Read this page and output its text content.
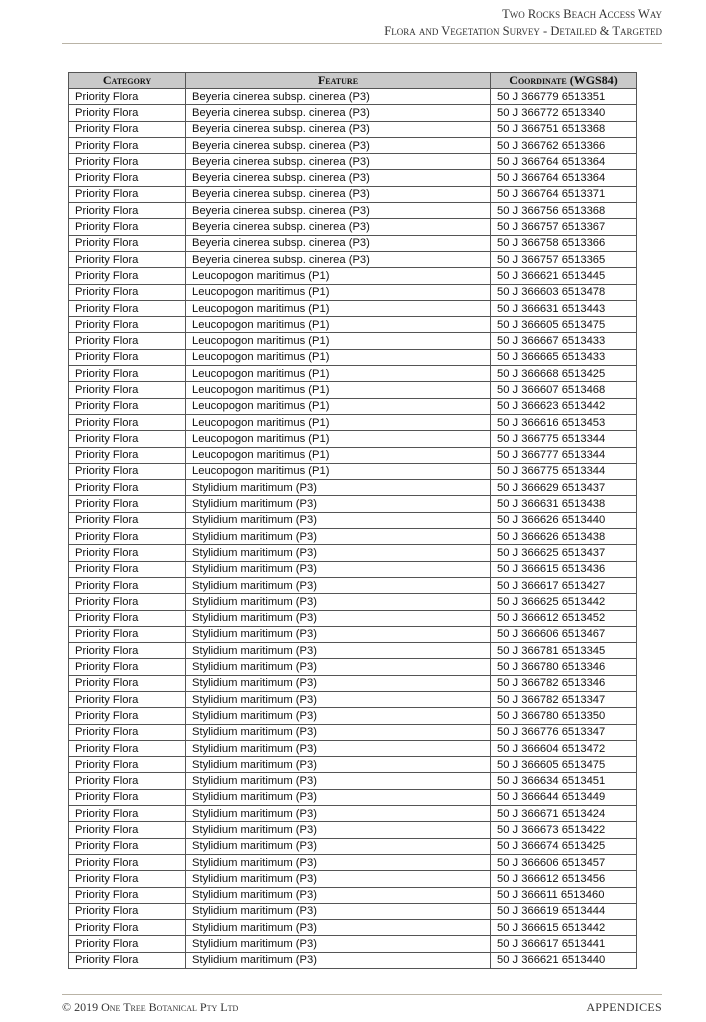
Two Rocks Beach Access Way
Flora and Vegetation Survey - Detailed & Targeted
Category	Feature	Coordinate (WGS84)
Priority Flora	Beyeria cinerea subsp. cinerea (P3)	50 J 366779 6513351
Priority Flora	Beyeria cinerea subsp. cinerea (P3)	50 J 366772 6513340
Priority Flora	Beyeria cinerea subsp. cinerea (P3)	50 J 366751 6513368
Priority Flora	Beyeria cinerea subsp. cinerea (P3)	50 J 366762 6513366
Priority Flora	Beyeria cinerea subsp. cinerea (P3)	50 J 366764 6513364
Priority Flora	Beyeria cinerea subsp. cinerea (P3)	50 J 366764 6513364
Priority Flora	Beyeria cinerea subsp. cinerea (P3)	50 J 366764 6513371
Priority Flora	Beyeria cinerea subsp. cinerea (P3)	50 J 366756 6513368
Priority Flora	Beyeria cinerea subsp. cinerea (P3)	50 J 366757 6513367
Priority Flora	Beyeria cinerea subsp. cinerea (P3)	50 J 366758 6513366
Priority Flora	Beyeria cinerea subsp. cinerea (P3)	50 J 366757 6513365
Priority Flora	Leucopogon maritimus (P1)	50 J 366621 6513445
Priority Flora	Leucopogon maritimus (P1)	50 J 366603 6513478
Priority Flora	Leucopogon maritimus (P1)	50 J 366631 6513443
Priority Flora	Leucopogon maritimus (P1)	50 J 366605 6513475
Priority Flora	Leucopogon maritimus (P1)	50 J 366667 6513433
Priority Flora	Leucopogon maritimus (P1)	50 J 366665 6513433
Priority Flora	Leucopogon maritimus (P1)	50 J 366668 6513425
Priority Flora	Leucopogon maritimus (P1)	50 J 366607 6513468
Priority Flora	Leucopogon maritimus (P1)	50 J 366623 6513442
Priority Flora	Leucopogon maritimus (P1)	50 J 366616 6513453
Priority Flora	Leucopogon maritimus (P1)	50 J 366775 6513344
Priority Flora	Leucopogon maritimus (P1)	50 J 366777 6513344
Priority Flora	Leucopogon maritimus (P1)	50 J 366775 6513344
Priority Flora	Stylidium maritimum (P3)	50 J 366629 6513437
Priority Flora	Stylidium maritimum (P3)	50 J 366631 6513438
Priority Flora	Stylidium maritimum (P3)	50 J 366626 6513440
Priority Flora	Stylidium maritimum (P3)	50 J 366626 6513438
Priority Flora	Stylidium maritimum (P3)	50 J 366625 6513437
Priority Flora	Stylidium maritimum (P3)	50 J 366615 6513436
Priority Flora	Stylidium maritimum (P3)	50 J 366617 6513427
Priority Flora	Stylidium maritimum (P3)	50 J 366625 6513442
Priority Flora	Stylidium maritimum (P3)	50 J 366612 6513452
Priority Flora	Stylidium maritimum (P3)	50 J 366606 6513467
Priority Flora	Stylidium maritimum (P3)	50 J 366781 6513345
Priority Flora	Stylidium maritimum (P3)	50 J 366780 6513346
Priority Flora	Stylidium maritimum (P3)	50 J 366782 6513346
Priority Flora	Stylidium maritimum (P3)	50 J 366782 6513347
Priority Flora	Stylidium maritimum (P3)	50 J 366780 6513350
Priority Flora	Stylidium maritimum (P3)	50 J 366776 6513347
Priority Flora	Stylidium maritimum (P3)	50 J 366604 6513472
Priority Flora	Stylidium maritimum (P3)	50 J 366605 6513475
Priority Flora	Stylidium maritimum (P3)	50 J 366634 6513451
Priority Flora	Stylidium maritimum (P3)	50 J 366644 6513449
Priority Flora	Stylidium maritimum (P3)	50 J 366671 6513424
Priority Flora	Stylidium maritimum (P3)	50 J 366673 6513422
Priority Flora	Stylidium maritimum (P3)	50 J 366674 6513425
Priority Flora	Stylidium maritimum (P3)	50 J 366606 6513457
Priority Flora	Stylidium maritimum (P3)	50 J 366612 6513456
Priority Flora	Stylidium maritimum (P3)	50 J 366611 6513460
Priority Flora	Stylidium maritimum (P3)	50 J 366619 6513444
Priority Flora	Stylidium maritimum (P3)	50 J 366615 6513442
Priority Flora	Stylidium maritimum (P3)	50 J 366617 6513441
Priority Flora	Stylidium maritimum (P3)	50 J 366621 6513440
© 2019 One Tree Botanical Pty Ltd	APPENDICES
